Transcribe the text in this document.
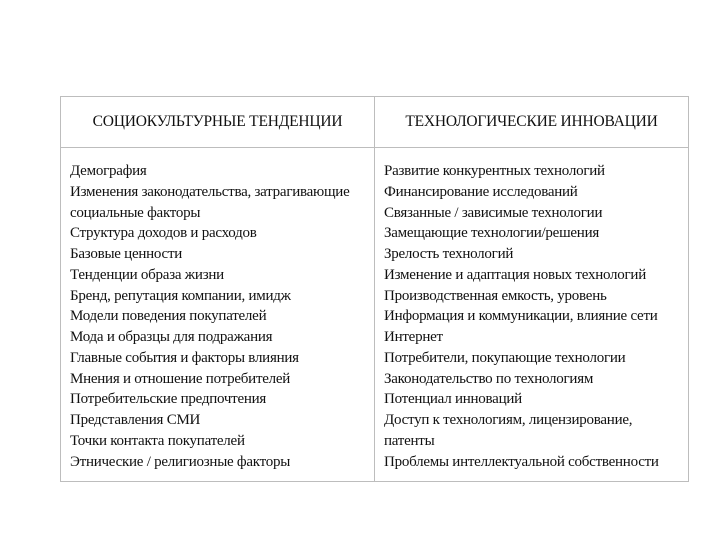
СОЦИОКУЛЬТУРНЫЕ ТЕНДЕНЦИИ	ТЕХНОЛОГИЧЕСКИЕ ИННОВАЦИИ
Демография
Изменения законодательства, затрагивающие
социальные факторы
Структура доходов и расходов
Базовые ценности
Тенденции образа жизни
Бренд, репутация компании, имидж
Модели поведения покупателей
Мода и образцы для подражания
Главные события и факторы влияния
Мнения и отношение потребителей
Потребительские предпочтения
Представления СМИ
Точки контакта покупателей
Этнические / религиозные факторы
Развитие конкурентных технологий
Финансирование исследований
Связанные / зависимые технологии
Замещающие технологии/решения
Зрелость технологий
Изменение и адаптация новых технологий
Производственная емкость, уровень
Информация и коммуникации, влияние сети
Интернет
Потребители, покупающие технологии
Законодательство по технологиям
Потенциал инноваций
Доступ к технологиям, лицензирование,
патенты
Проблемы интеллектуальной собственности
